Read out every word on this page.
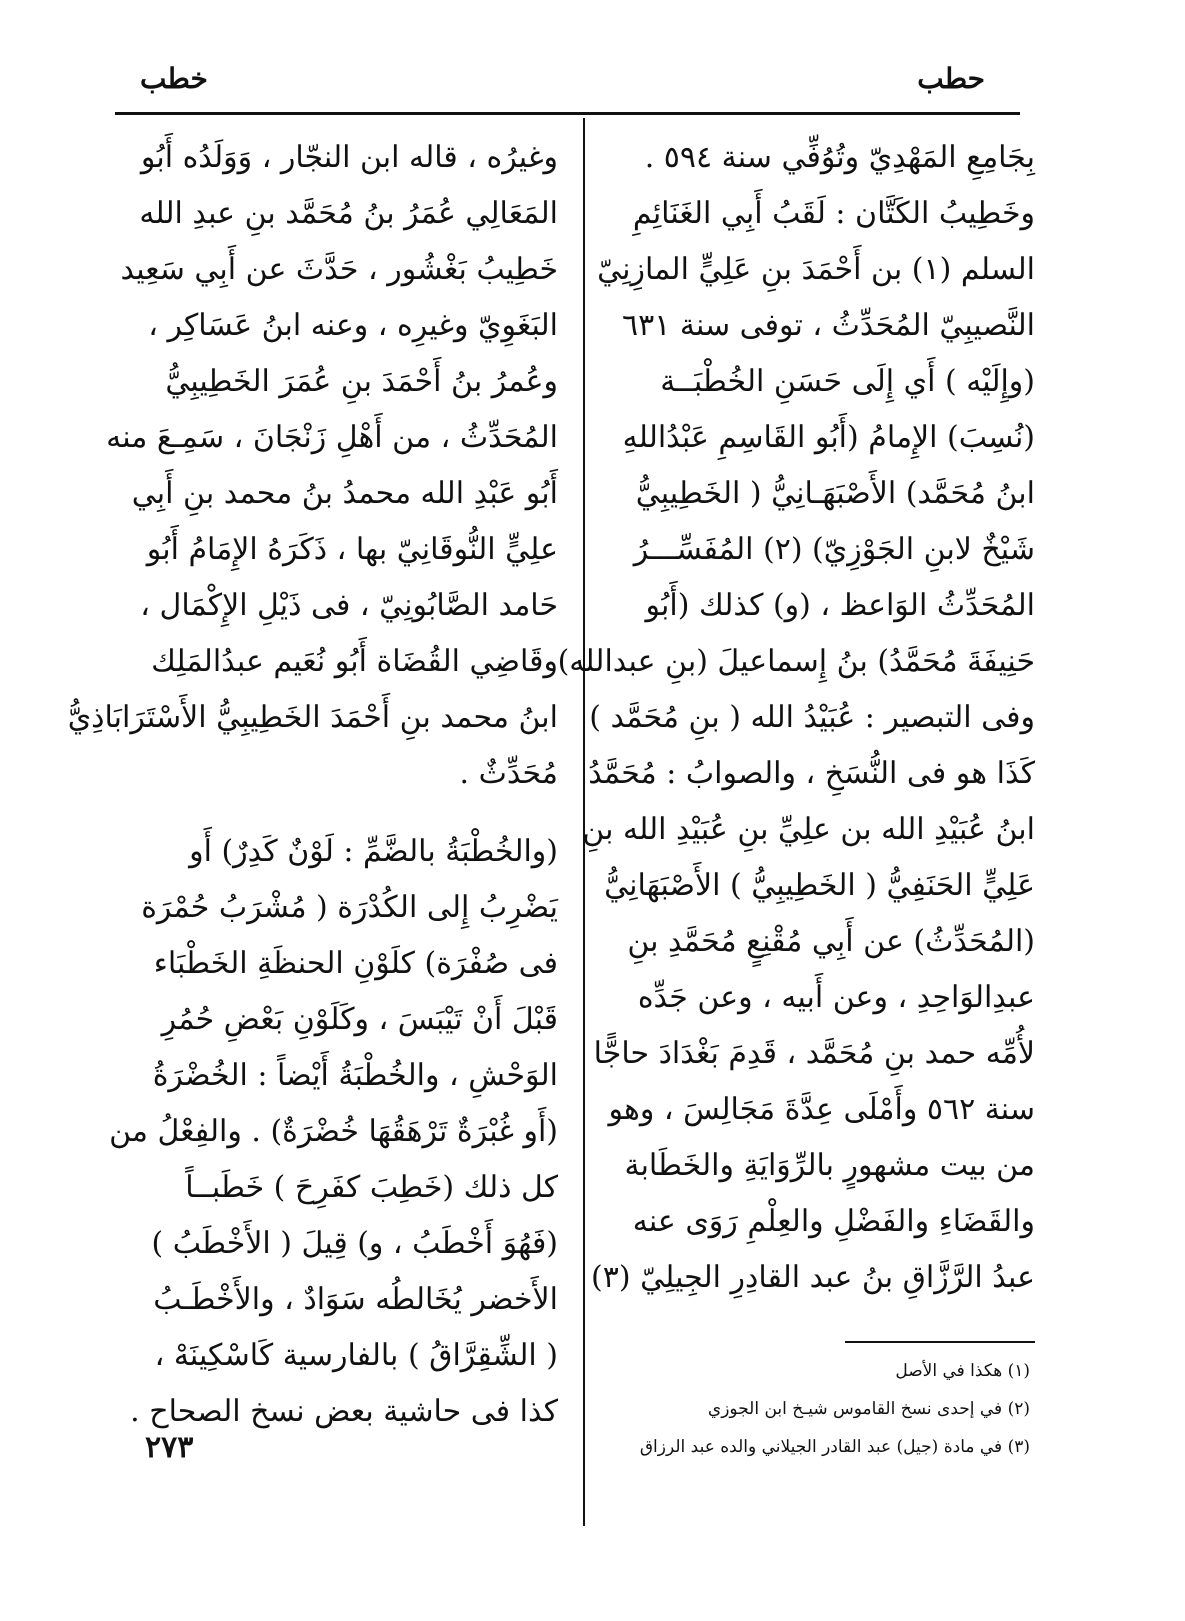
حطب
خطب
بِجَامِعِ المَهْدِيّ وتُوُفِّي سنة ٥٩٤ .
وخَطِيبُ الكَتَّان : لَقَبُ أَبِي الغَنَائِمِ
السلم (١) بن أَحْمَدَ بنِ عَلِيٍّ المازِنِيّ
النَّصيبِيّ المُحَدِّثُ ، توفى سنة ٦٣١
(وإِلَيْه ) أَي إِلَى حَسَنِ الخُطْبَــة
(نُسِبَ) الإِمامُ (أَبُو القَاسِمِ عَبْدُاللهِ
ابنُ مُحَمَّد) الأَصْبَهَـانِيُّ ( الخَطِيبِيُّ
شَيْخٌ لابنِ الجَوْزِيّ) (٢) المُفَسِّـــرُ
المُحَدِّثُ الوَاعظ ، (و) كذلك (أَبُو
حَنِيفَةَ مُحَمَّدُ) بنُ إِسماعيلَ (بنِ عبدالله)
وفى التبصير : عُبَيْدُ الله ( بنِ مُحَمَّد )
كَذَا هو فى النُّسَخِ ، والصوابُ : مُحَمَّدُ
ابنُ عُبَيْدِ الله بن علِيِّ بنِ عُبَيْدِ الله بنِ
عَلِيٍّ الحَنَفِيُّ ( الخَطِيبِيُّ ) الأَصْبَهَانِيُّ
(المُحَدِّثُ) عن أَبِي مُقْنِعٍ مُحَمَّدِ بنِ
عبدِالوَاحِدِ ، وعن أَبيه ، وعن جَدِّه
لأُمِّه حمد بنِ مُحَمَّد ، قَدِمَ بَغْدَادَ حاجًّا
سنة ٥٦٢ وأَمْلَى عِدَّةَ مَجَالِسَ ، وهو
من بيت مشهورٍ بالرِّوَايَةِ والخَطَابة
والقَضَاءِ والفَضْلِ والعِلْمِ رَوَى عنه
عبدُ الرَّزَّاقِ بنُ عبد القادِرِ الجِيلِيّ (٣)
وغيرُه ، قاله ابن النجّار ، وَوَلَدُه أَبُو
المَعَالِي عُمَرُ بنُ مُحَمَّد بنِ عبدِ الله
خَطِيبُ بَغْشُور ، حَدَّثَ عن أَبِي سَعِيد
البَغَوِيّ وغيرِه ، وعنه ابنُ عَسَاكِر ،
وعُمرُ بنُ أَحْمَدَ بنِ عُمَرَ الخَطِيبِيُّ
المُحَدِّثُ ، من أَهْلِ زَنْجَانَ ، سَمِـعَ منه
أَبُو عَبْدِ الله محمدُ بنُ محمد بنِ أَبِي
علِيٍّ النُّوقَانِيّ بها ، ذَكَرَهُ الإِمَامُ أَبُو
حَامد الصَّابُونِيّ ، فى ذَيْلِ الإِكْمَال ،
وقَاضِي القُضَاة أَبُو نُعَيم عبدُالمَلِك
ابنُ محمد بنِ أَحْمَدَ الخَطِيبِيُّ الأَسْتَرَابَاذِيُّ
مُحَدِّثٌ .
(والخُطْبَةُ بالضَّمِّ : لَوْنٌ كَدِرٌ) أَو
يَضْرِبُ إِلى الكُدْرَة ( مُشْرَبُ حُمْرَة
فى صُفْرَة) كلَوْنِ الحنظَةِ الخَطْبَاء
قَبْلَ أَنْ تَيْبَسَ ، وكَلَوْنِ بَعْضِ حُمُرِ
الوَحْشِ ، والخُطْبَةُ أَيْضاً : الخُضْرَةُ
(أَو غُبْرَةٌ تَرْهَقُهَا خُضْرَةٌ) . والفِعْلُ من
كل ذلك (خَطِبَ كفَرِحَ ) خَطَبــاً
(فَهُوَ أَخْطَبُ ، و) قِيلَ ( الأَخْطَبُ )
الأَخضر يُخَالطُه سَوَادٌ ، والأَخْطَـبُ
( الشِّقِرَّاقُ ) بالفارسية كَاسْكِينَهْ ،
كذا فى حاشية بعض نسخ الصحاح .
(١) هكذا في الأصل
(٢) في إحدى نسخ القاموس شيـخ ابن الجوزي
(٣) في مادة (جيل) عبد القادر الجيلاني والده عبد الرزاق
٢٧٣
